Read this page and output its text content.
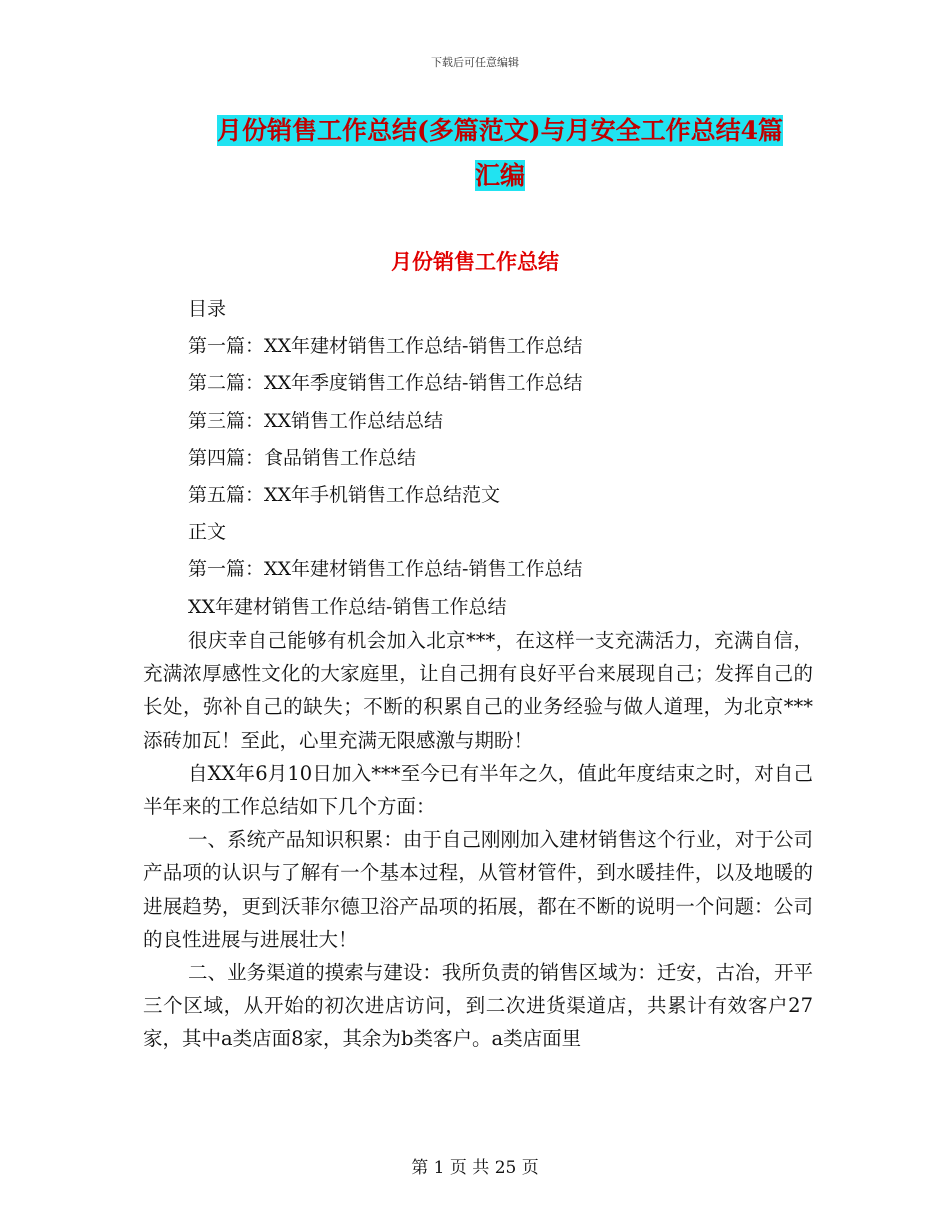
下载后可任意编辑
月份销售工作总结(多篇范文)与月安全工作总结4篇
汇编
月份销售工作总结
目录
第一篇：XX年建材销售工作总结-销售工作总结
第二篇：XX年季度销售工作总结-销售工作总结
第三篇：XX销售工作总结总结
第四篇：食品销售工作总结
第五篇：XX年手机销售工作总结范文
正文
第一篇：XX年建材销售工作总结-销售工作总结
XX年建材销售工作总结-销售工作总结

很庆幸自己能够有机会加入北京***，在这样一支充满活力，充满自信，充满浓厚感性文化的大家庭里，让自己拥有良好平台来展现自己；发挥自己的长处，弥补自己的缺失；不断的积累自己的业务经验与做人道理，为北京***添砖加瓦！至此，心里充满无限感激与期盼！

自XX年6月10日加入***至今已有半年之久，值此年度结束之时，对自己半年来的工作总结如下几个方面：

一、系统产品知识积累：由于自己刚刚加入建材销售这个行业，对于公司产品项的认识与了解有一个基本过程，从管材管件，到水暖挂件，以及地暖的进展趋势，更到沃菲尔德卫浴产品项的拓展，都在不断的说明一个问题：公司的良性进展与进展壮大！

二、业务渠道的摸索与建设：我所负责的销售区域为：迁安，古冶，开平三个区域，从开始的初次进店访问，到二次进货渠道店，共累计有效客户27家，其中a类店面8家，其余为b类客户。a类店面里

第 1 页 共 25 页
